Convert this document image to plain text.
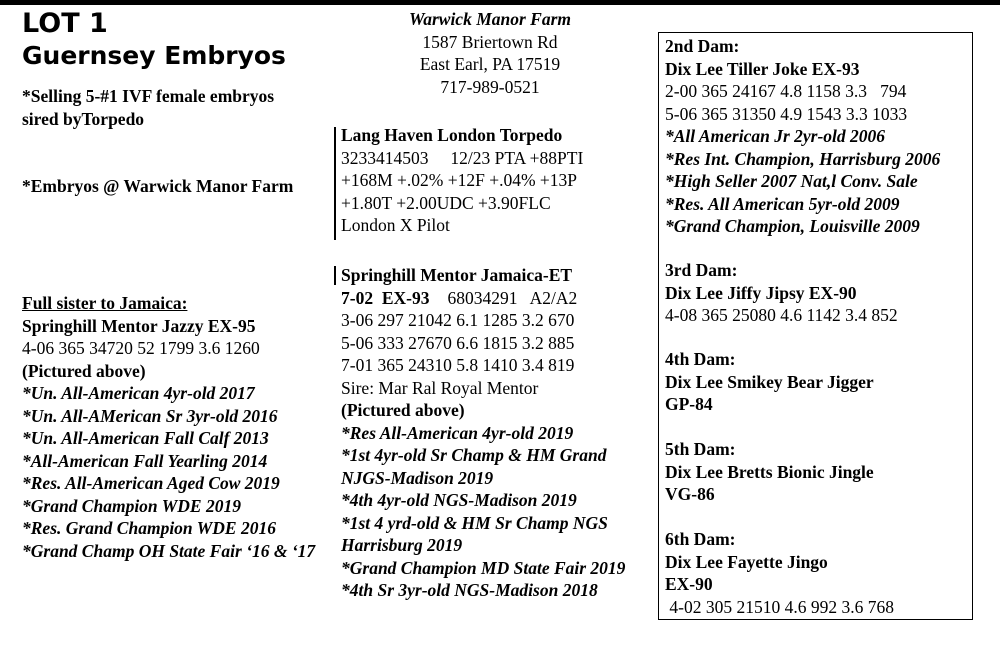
LOT 1
Guernsey Embryos
*Selling 5-#1 IVF female embryos
sired byTorpedo
*Embryos @ Warwick Manor Farm
Full sister to Jamaica:
Springhill Mentor Jazzy EX-95
4-06 365 34720 52 1799 3.6 1260
(Pictured above)
*Un. All-American 4yr-old 2017
*Un. All-AMerican Sr 3yr-old 2016
*Un. All-American Fall Calf 2013
*All-American Fall Yearling 2014
*Res. All-American Aged Cow 2019
*Grand Champion WDE 2019
*Res. Grand Champion WDE 2016
*Grand Champ OH State Fair ‘16 & ‘17
Warwick Manor Farm
1587 Briertown Rd
East Earl, PA 17519
717-989-0521
Lang Haven London Torpedo
3233414503     12/23 PTA +88PTI
+168M +.02% +12F +.04% +13P
+1.80T +2.00UDC +3.90FLC
London X Pilot
Springhill Mentor Jamaica-ET
7-02  EX-93 68034291   A2/A2
3-06 297 21042 6.1 1285 3.2 670
5-06 333 27670 6.6 1815 3.2 885
7-01 365 24310 5.8 1410 3.4 819
Sire: Mar Ral Royal Mentor
(Pictured above)
*Res All-American 4yr-old 2019
*1st 4yr-old Sr Champ & HM Grand
NJGS-Madison 2019
*4th 4yr-old NGS-Madison 2019
*1st 4 yrd-old & HM Sr Champ NGS
Harrisburg 2019
*Grand Champion MD State Fair 2019
*4th Sr 3yr-old NGS-Madison 2018
2nd Dam:
Dix Lee Tiller Joke EX-93
2-00 365 24167 4.8 1158 3.3   794
5-06 365 31350 4.9 1543 3.3 1033
*All American Jr 2yr-old 2006
*Res Int. Champion, Harrisburg 2006
*High Seller 2007 Nat,l Conv. Sale
*Res. All American 5yr-old 2009
*Grand Champion, Louisville 2009
3rd Dam:
Dix Lee Jiffy Jipsy EX-90
4-08 365 25080 4.6 1142 3.4 852
4th Dam:
Dix Lee Smikey Bear Jigger
GP-84
5th Dam:
Dix Lee Bretts Bionic Jingle
VG-86
6th Dam:
Dix Lee Fayette Jingo
EX-90
4-02 305 21510 4.6 992 3.6 768
